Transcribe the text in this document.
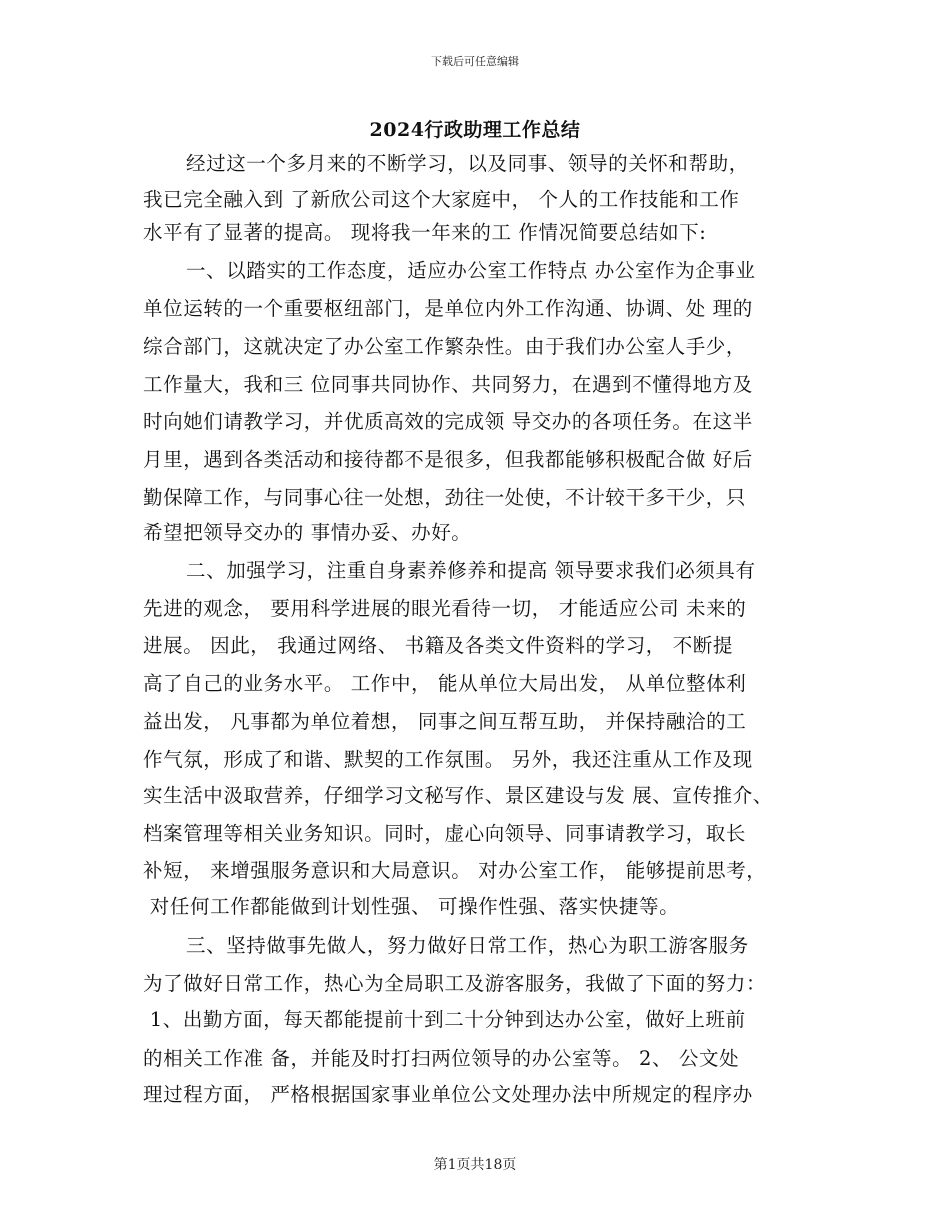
下载后可任意编辑
2024行政助理工作总结
经过这一个多月来的不断学习，以及同事、领导的关怀和帮助，
我已完全融入到 了新欣公司这个大家庭中， 个人的工作技能和工作
水平有了显著的提高。 现将我一年来的工 作情况简要总结如下:
一、以踏实的工作态度，适应办公室工作特点 办公室作为企事业
单位运转的一个重要枢纽部门，是单位内外工作沟通、协调、处 理的
综合部门，这就决定了办公室工作繁杂性。由于我们办公室人手少，
工作量大，我和三 位同事共同协作、共同努力，在遇到不懂得地方及
时向她们请教学习，并优质高效的完成领 导交办的各项任务。在这半
月里，遇到各类活动和接待都不是很多，但我都能够积极配合做 好后
勤保障工作，与同事心往一处想，劲往一处使，不计较干多干少，只
希望把领导交办的 事情办妥、办好。
二、加强学习，注重自身素养修养和提高 领导要求我们必须具有
先进的观念， 要用科学进展的眼光看待一切， 才能适应公司 未来的
进展。 因此， 我通过网络、 书籍及各类文件资料的学习， 不断提
高了自己的业务水平。 工作中， 能从单位大局出发， 从单位整体利
益出发， 凡事都为单位着想， 同事之间互帮互助， 并保持融洽的工
作气氛，形成了和谐、默契的工作氛围。 另外，我还注重从工作及现
实生活中汲取营养，仔细学习文秘写作、景区建设与发 展、宣传推介、
档案管理等相关业务知识。同时，虚心向领导、同事请教学习，取长
补短， 来增强服务意识和大局意识。 对办公室工作， 能够提前思考，
对任何工作都能做到计划性强、 可操作性强、落实快捷等。
三、坚持做事先做人，努力做好日常工作，热心为职工游客服务
为了做好日常工作，热心为全局职工及游客服务，我做了下面的努力：
1、出勤方面，每天都能提前十到二十分钟到达办公室，做好上班前
的相关工作准 备，并能及时打扫两位领导的办公室等。 2、 公文处
理过程方面， 严格根据国家事业单位公文处理办法中所规定的程序办
第1页共18页
